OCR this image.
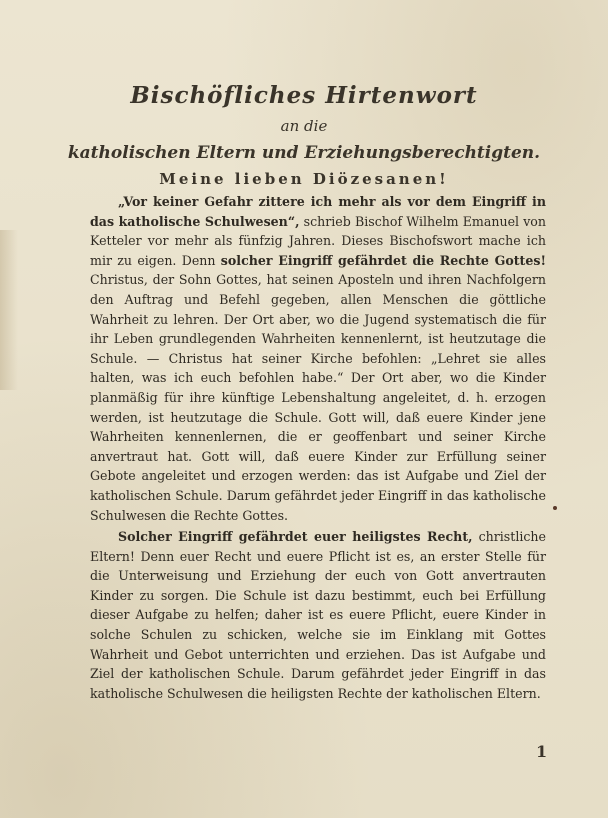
Bischöfliches Hirtenwort
an die
katholischen Eltern und Erziehungsberechtigten.
Meine lieben Diözesanen!

„Vor keiner Gefahr zittere ich mehr als vor dem Eingriff in das katholische Schulwesen“, schrieb Bischof Wilhelm Emanuel von Ketteler vor mehr als fünfzig Jahren. Dieses Bischofswort mache ich mir zu eigen. Denn solcher Eingriff gefährdet die Rechte Gottes! Christus, der Sohn Gottes, hat seinen Aposteln und ihren Nachfolgern den Auftrag und Befehl gegeben, allen Menschen die göttliche Wahrheit zu lehren. Der Ort aber, wo die Jugend systematisch die für ihr Leben grundlegenden Wahrheiten kennenlernt, ist heutzutage die Schule. — Christus hat seiner Kirche befohlen: „Lehret sie alles halten, was ich euch befohlen habe.“ Der Ort aber, wo die Kinder planmäßig für ihre künftige Lebenshaltung angeleitet, d. h. erzogen werden, ist heutzutage die Schule. Gott will, daß euere Kinder jene Wahrheiten kennenlernen, die er geoffenbart und seiner Kirche anvertraut hat. Gott will, daß euere Kinder zur Erfüllung seiner Gebote angeleitet und erzogen werden: das ist Aufgabe und Ziel der katholischen Schule. Darum gefährdet jeder Eingriff in das katholische Schulwesen die Rechte Gottes.

Solcher Eingriff gefährdet euer heiligstes Recht, christliche Eltern! Denn euer Recht und euere Pflicht ist es, an erster Stelle für die Unterweisung und Erziehung der euch von Gott anvertrauten Kinder zu sorgen. Die Schule ist dazu bestimmt, euch bei Erfüllung dieser Aufgabe zu helfen; daher ist es euere Pflicht, euere Kinder in solche Schulen zu schicken, welche sie im Einklang mit Gottes Wahrheit und Gebot unterrichten und erziehen. Das ist Aufgabe und Ziel der katholischen Schule. Darum gefährdet jeder Eingriff in das katholische Schulwesen die heiligsten Rechte der katholischen Eltern.

1
